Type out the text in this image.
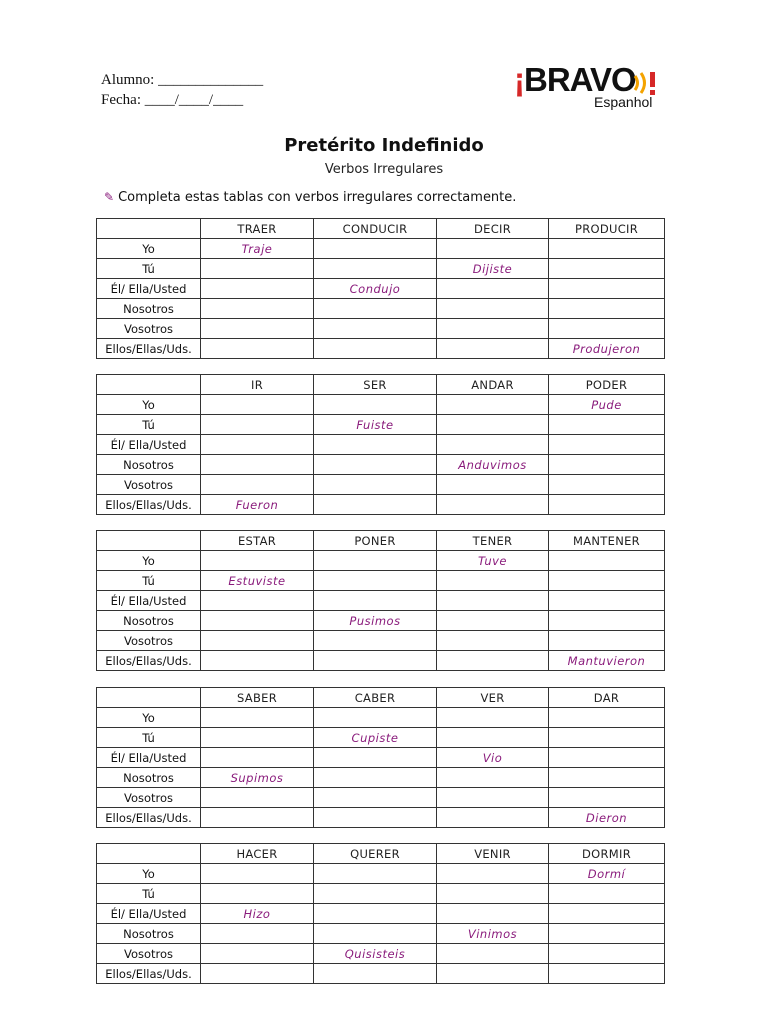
Alumno: ______________
Fecha: ____/____/____
¡BRAVO
Espanhol
Pretérito Indefinido
Verbos Irregulares
✎ Completa estas tablas con verbos irregulares correctamente.
	TRAER	CONDUCIR	DECIR	PRODUCIR
Yo	Traje			
Tú			Dijiste	
Él/ Ella/Usted		Condujo		
Nosotros				
Vosotros				
Ellos/Ellas/Uds.				Produjeron
	IR	SER	ANDAR	PODER
Yo				Pude
Tú		Fuiste		
Él/ Ella/Usted				
Nosotros			Anduvimos	
Vosotros				
Ellos/Ellas/Uds.	Fueron			
	ESTAR	PONER	TENER	MANTENER
Yo			Tuve	
Tú	Estuviste			
Él/ Ella/Usted				
Nosotros		Pusimos		
Vosotros				
Ellos/Ellas/Uds.				Mantuvieron
	SABER	CABER	VER	DAR
Yo				
Tú		Cupiste		
Él/ Ella/Usted			Vio	
Nosotros	Supimos			
Vosotros				
Ellos/Ellas/Uds.				Dieron
	HACER	QUERER	VENIR	DORMIR
Yo				Dormí
Tú				
Él/ Ella/Usted	Hizo			
Nosotros			Vinimos	
Vosotros		Quisisteis		
Ellos/Ellas/Uds.				
